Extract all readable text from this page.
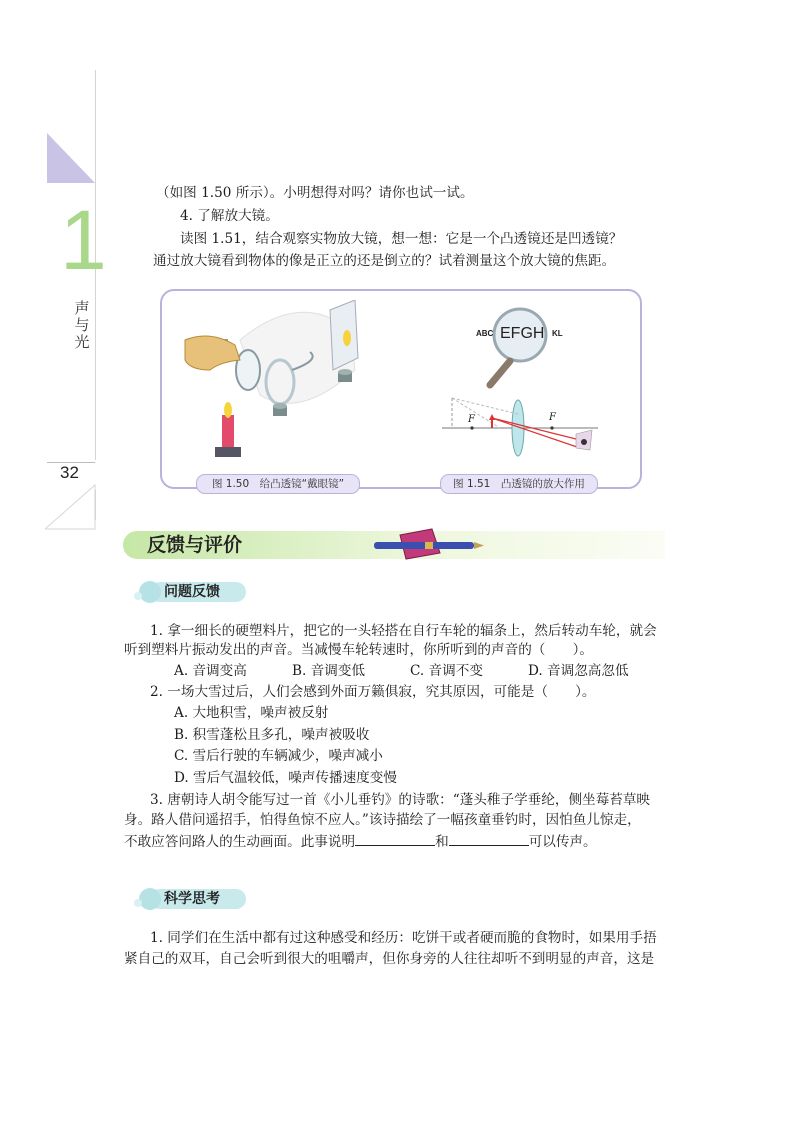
1
声与光
32
（如图 1.50 所示）。小明想得对吗？请你也试一试。
4. 了解放大镜。
读图 1.51，结合观察实物放大镜，想一想：它是一个凸透镜还是凹透镜？
通过放大镜看到物体的像是正立的还是倒立的？试着测量这个放大镜的焦距。
ABC EFGH KL
F	F
图 1.50　给凸透镜“戴眼镜”	图 1.51　凸透镜的放大作用
反馈与评价
问题反馈
1. 拿一细长的硬塑料片，把它的一头轻搭在自行车轮的辐条上，然后转动车轮，就会
听到塑料片振动发出的声音。当减慢车轮转速时，你所听到的声音的（　　）。
A. 音调变高	B. 音调变低	C. 音调不变	D. 音调忽高忽低
2. 一场大雪过后，人们会感到外面万籁俱寂，究其原因，可能是（　　）。
A. 大地积雪，噪声被反射
B. 积雪蓬松且多孔，噪声被吸收
C. 雪后行驶的车辆减少，噪声减小
D. 雪后气温较低，噪声传播速度变慢
3. 唐朝诗人胡令能写过一首《小儿垂钓》的诗歌：“蓬头稚子学垂纶，侧坐莓苔草映
身。路人借问遥招手，怕得鱼惊不应人。”该诗描绘了一幅孩童垂钓时，因怕鱼儿惊走，
不敢应答问路人的生动画面。此事说明	和	可以传声。
科学思考
1. 同学们在生活中都有过这种感受和经历：吃饼干或者硬而脆的食物时，如果用手捂
紧自己的双耳，自己会听到很大的咀嚼声，但你身旁的人往往却听不到明显的声音，这是
